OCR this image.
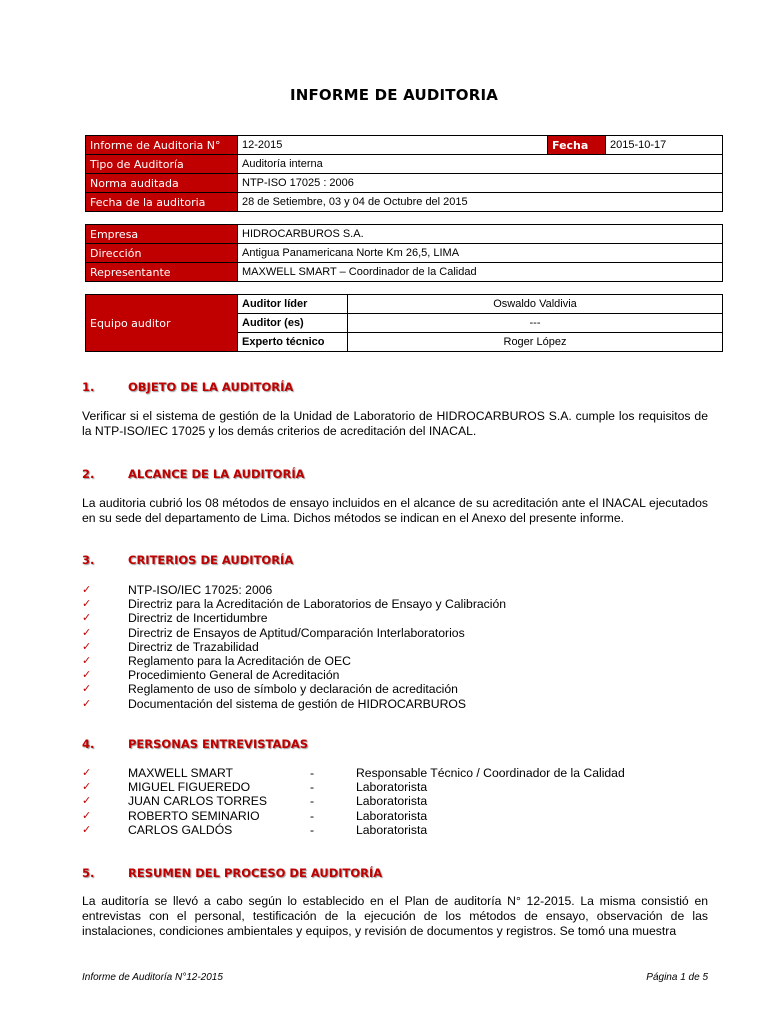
INFORME DE AUDITORIA
Informe de Auditoria N°	12-2015	Fecha	2015-10-17
Tipo de Auditoría	Auditoría interna		
Norma auditada	NTP-ISO 17025 : 2006		
Fecha de la auditoria	28 de Setiembre, 03 y 04 de Octubre del 2015		
Empresa	HIDROCARBUROS S.A.
Dirección	Antigua Panamericana Norte Km 26,5, LIMA
Representante	MAXWELL SMART – Coordinador de la Calidad
Equipo auditor	Auditor líder	Oswaldo Valdivia
	Auditor (es)	---
	Experto técnico	Roger López
1.	OBJETO DE LA AUDITORÍA
Verificar si el sistema de gestión de la Unidad de Laboratorio de HIDROCARBUROS S.A. cumple los requisitos de la NTP-ISO/IEC 17025 y los demás criterios de acreditación del INACAL.
2.	ALCANCE DE LA AUDITORÍA
La auditoria cubrió los 08 métodos de ensayo incluidos en el alcance de su acreditación ante el INACAL ejecutados en su sede del departamento de Lima. Dichos métodos se indican en el Anexo del presente informe.
3.	CRITERIOS DE AUDITORÍA
✓	NTP-ISO/IEC 17025: 2006
✓	Directriz para la Acreditación de Laboratorios de Ensayo y Calibración
✓	Directriz de Incertidumbre
✓	Directriz de Ensayos de Aptitud/Comparación Interlaboratorios
✓	Directriz de Trazabilidad
✓	Reglamento para la Acreditación de OEC
✓	Procedimiento General de Acreditación
✓	Reglamento de uso de símbolo y declaración de acreditación
✓	Documentación del sistema de gestión de HIDROCARBUROS
4.	PERSONAS ENTREVISTADAS
✓	MAXWELL SMART	-	Responsable Técnico / Coordinador de la Calidad
✓	MIGUEL FIGUEREDO	-	Laboratorista
✓	JUAN CARLOS TORRES	-	Laboratorista
✓	ROBERTO SEMINARIO	-	Laboratorista
✓	CARLOS GALDÓS	-	Laboratorista
5.	RESUMEN DEL PROCESO DE AUDITORÍA
La auditoría se llevó a cabo según lo establecido en el Plan de auditoría N° 12-2015. La misma consistió en entrevistas con el personal, testificación de la ejecución de los métodos de ensayo, observación de las instalaciones, condiciones ambientales y equipos, y revisión de documentos y registros. Se tomó una muestra
Informe de Auditoría N°12-2015	Página 1 de 5
